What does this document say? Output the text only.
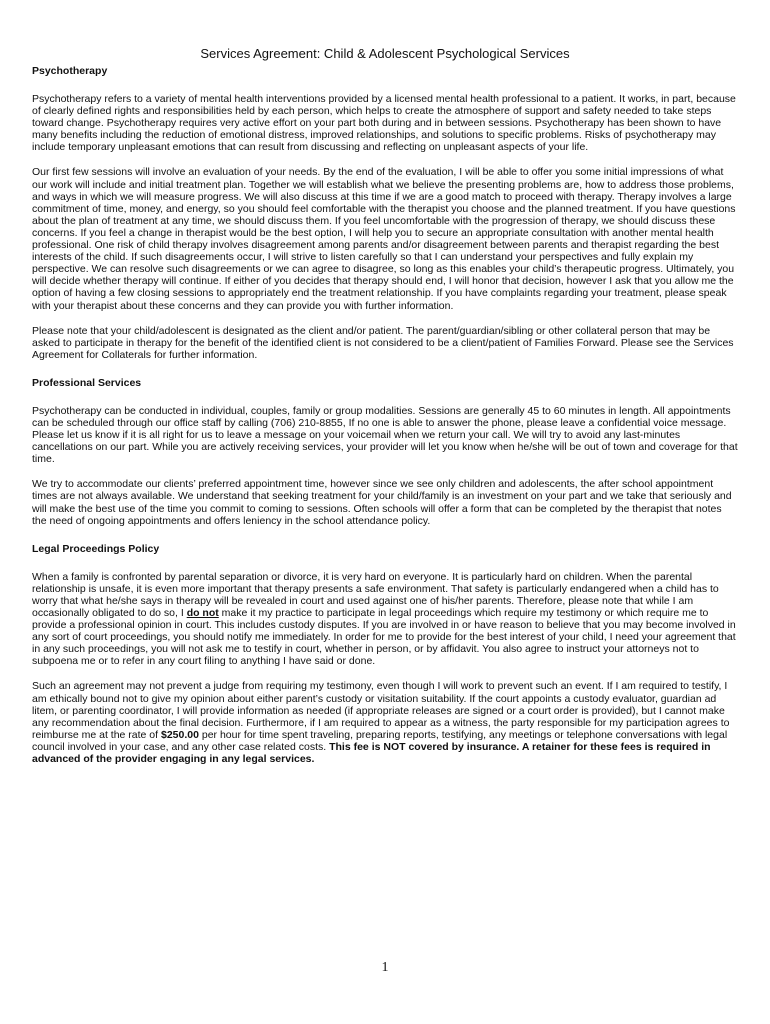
Services Agreement: Child & Adolescent Psychological Services
Psychotherapy

Psychotherapy refers to a variety of mental health interventions provided by a licensed mental health professional to a patient. It works, in part, because of clearly defined rights and responsibilities held by each person, which helps to create the atmosphere of support and safety needed to take steps toward change. Psychotherapy requires very active effort on your part both during and in between sessions. Psychotherapy has been shown to have many benefits including the reduction of emotional distress, improved relationships, and solutions to specific problems. Risks of psychotherapy may include temporary unpleasant emotions that can result from discussing and reflecting on unpleasant aspects of your life.

Our first few sessions will involve an evaluation of your needs. By the end of the evaluation, I will be able to offer you some initial impressions of what our work will include and initial treatment plan. Together we will establish what we believe the presenting problems are, how to address those problems, and ways in which we will measure progress. We will also discuss at this time if we are a good match to proceed with therapy. Therapy involves a large commitment of time, money, and energy, so you should feel comfortable with the therapist you choose and the planned treatment. If you have questions about the plan of treatment at any time, we should discuss them. If you feel uncomfortable with the progression of therapy, we should discuss these concerns. If you feel a change in therapist would be the best option, I will help you to secure an appropriate consultation with another mental health professional. One risk of child therapy involves disagreement among parents and/or disagreement between parents and therapist regarding the best interests of the child. If such disagreements occur, I will strive to listen carefully so that I can understand your perspectives and fully explain my perspective. We can resolve such disagreements or we can agree to disagree, so long as this enables your child’s therapeutic progress. Ultimately, you will decide whether therapy will continue. If either of you decides that therapy should end, I will honor that decision, however I ask that you allow me the option of having a few closing sessions to appropriately end the treatment relationship. If you have complaints regarding your treatment, please speak with your therapist about these concerns and they can provide you with further information.

Please note that your child/adolescent is designated as the client and/or patient. The parent/guardian/sibling or other collateral person that may be asked to participate in therapy for the benefit of the identified client is not considered to be a client/patient of Families Forward. Please see the Services Agreement for Collaterals for further information.

Professional Services

Psychotherapy can be conducted in individual, couples, family or group modalities. Sessions are generally 45 to 60 minutes in length. All appointments can be scheduled through our office staff by calling (706) 210-8855, If no one is able to answer the phone, please leave a confidential voice message. Please let us know if it is all right for us to leave a message on your voicemail when we return your call. We will try to avoid any last-minutes cancellations on our part. While you are actively receiving services, your provider will let you know when he/she will be out of town and coverage for that time.

We try to accommodate our clients’ preferred appointment time, however since we see only children and adolescents, the after school appointment times are not always available. We understand that seeking treatment for your child/family is an investment on your part and we take that seriously and will make the best use of the time you commit to coming to sessions. Often schools will offer a form that can be completed by the therapist that notes the need of ongoing appointments and offers leniency in the school attendance policy.

Legal Proceedings Policy

When a family is confronted by parental separation or divorce, it is very hard on everyone. It is particularly hard on children. When the parental relationship is unsafe, it is even more important that therapy presents a safe environment. That safety is particularly endangered when a child has to worry that what he/she says in therapy will be revealed in court and used against one of his/her parents. Therefore, please note that while I am occasionally obligated to do so, I do not make it my practice to participate in legal proceedings which require my testimony or which require me to provide a professional opinion in court. This includes custody disputes. If you are involved in or have reason to believe that you may become involved in any sort of court proceedings, you should notify me immediately. In order for me to provide for the best interest of your child, I need your agreement that in any such proceedings, you will not ask me to testify in court, whether in person, or by affidavit. You also agree to instruct your attorneys not to subpoena me or to refer in any court filing to anything I have said or done.

Such an agreement may not prevent a judge from requiring my testimony, even though I will work to prevent such an event. If I am required to testify, I am ethically bound not to give my opinion about either parent’s custody or visitation suitability. If the court appoints a custody evaluator, guardian ad litem, or parenting coordinator, I will provide information as needed (if appropriate releases are signed or a court order is provided), but I cannot make any recommendation about the final decision. Furthermore, if I am required to appear as a witness, the party responsible for my participation agrees to reimburse me at the rate of $250.00 per hour for time spent traveling, preparing reports, testifying, any meetings or telephone conversations with legal council involved in your case, and any other case related costs. This fee is NOT covered by insurance. A retainer for these fees is required in advanced of the provider engaging in any legal services.

1
